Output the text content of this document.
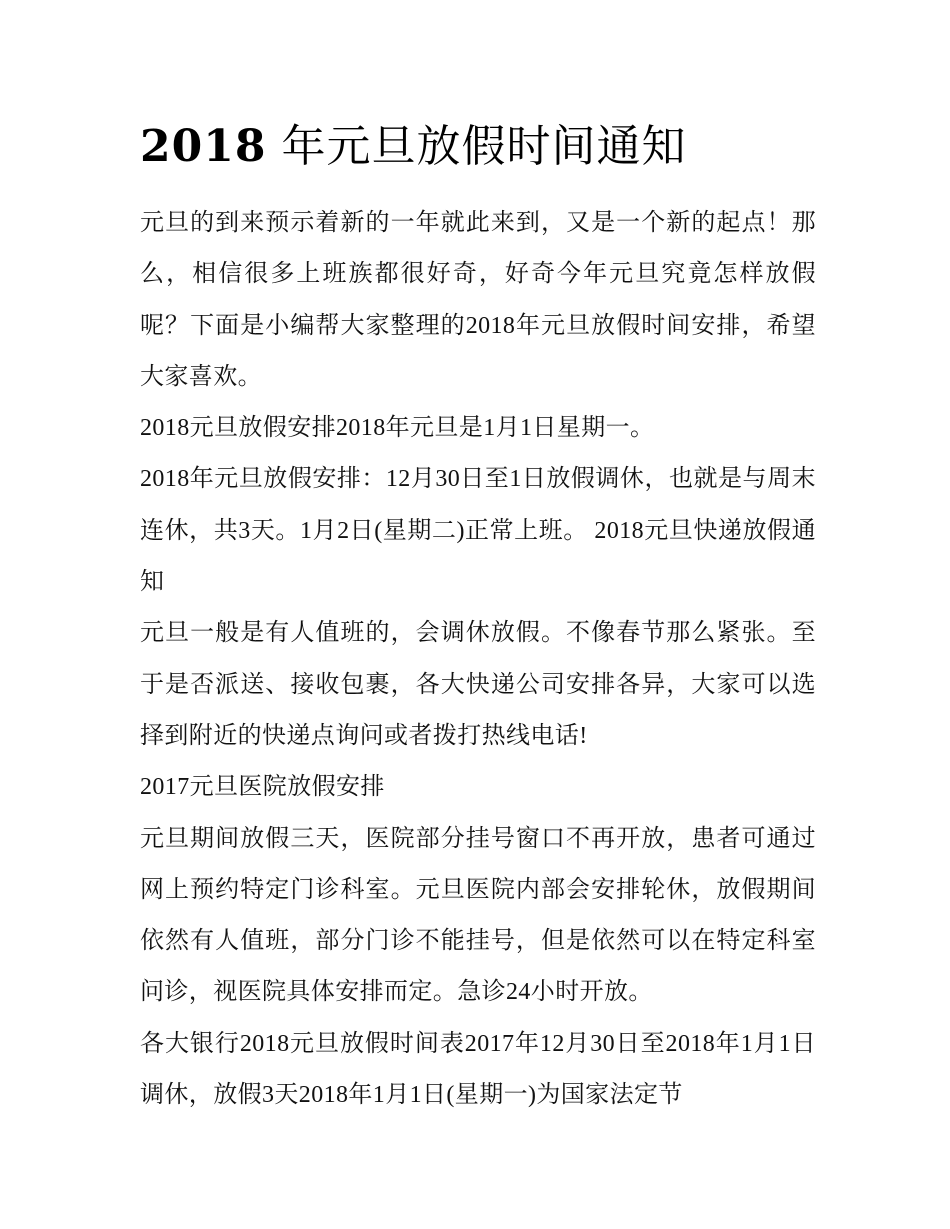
2018 年元旦放假时间通知

元旦的到来预示着新的一年就此来到，又是一个新的起点！那么，相信很多上班族都很好奇，好奇今年元旦究竟怎样放假呢？下面是小编帮大家整理的2018年元旦放假时间安排，希望大家喜欢。

2018元旦放假安排2018年元旦是1月1日星期一。

2018年元旦放假安排：12月30日至1日放假调休，也就是与周末连休，共3天。1月2日(星期二)正常上班。 2018元旦快递放假通知

元旦一般是有人值班的，会调休放假。不像春节那么紧张。至于是否派送、接收包裹，各大快递公司安排各异，大家可以选择到附近的快递点询问或者拨打热线电话!

2017元旦医院放假安排

元旦期间放假三天，医院部分挂号窗口不再开放，患者可通过网上预约特定门诊科室。元旦医院内部会安排轮休，放假期间依然有人值班，部分门诊不能挂号，但是依然可以在特定科室问诊，视医院具体安排而定。急诊24小时开放。

各大银行2018元旦放假时间表2017年12月30日至2018年1月1日调休，放假3天2018年1月1日(星期一)为国家法定节
